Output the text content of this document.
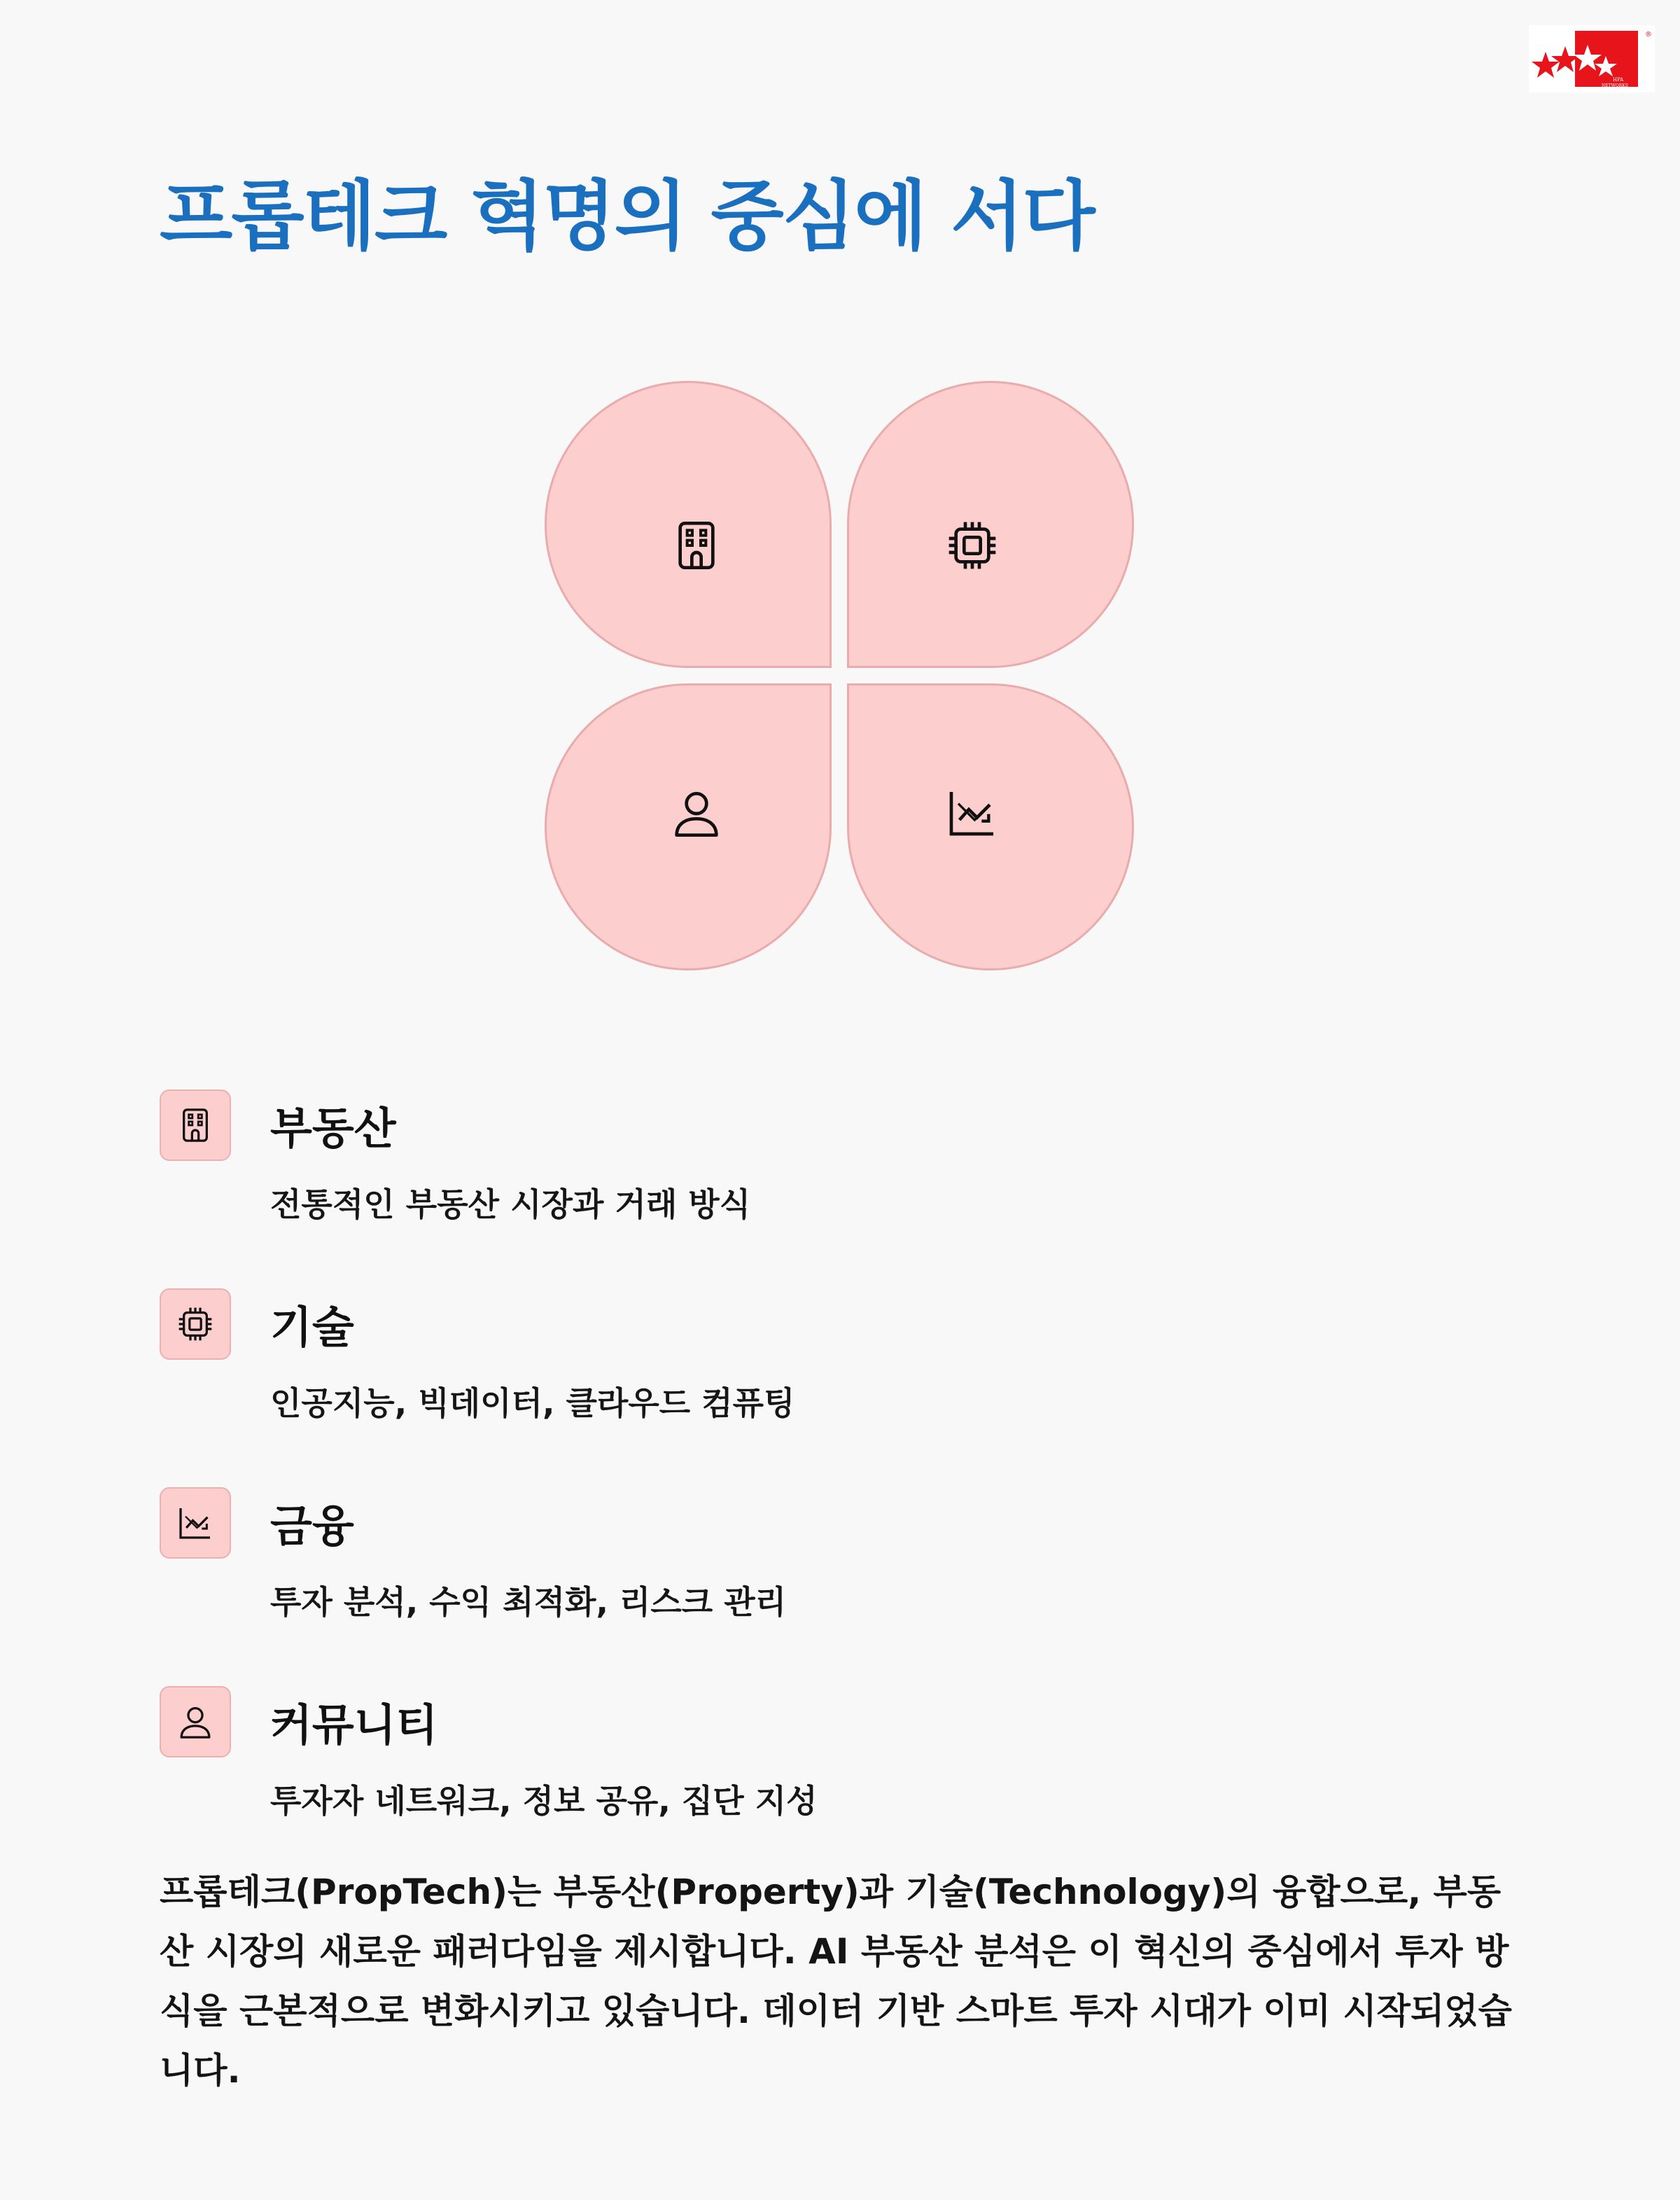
HPA
NETWORKS
®
프롭테크 혁명의 중심에 서다
부동산
전통적인 부동산 시장과 거래 방식
기술
인공지능, 빅데이터, 클라우드 컴퓨팅
금융
투자 분석, 수익 최적화, 리스크 관리
커뮤니티
투자자 네트워크, 정보 공유, 집단 지성

프롭테크(PropTech)는 부동산(Property)과 기술(Technology)의 융합으로, 부동산 시장의 새로운 패러다임을 제시합니다. AI 부동산 분석은 이 혁신의 중심에서 투자 방식을 근본적으로 변화시키고 있습니다. 데이터 기반 스마트 투자 시대가 이미 시작되었습니다.
